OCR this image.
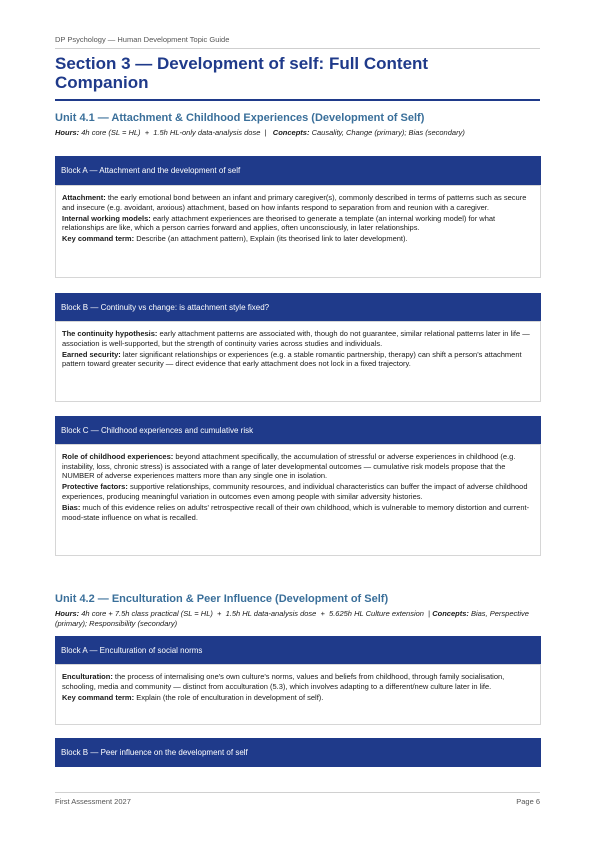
DP Psychology — Human Development Topic Guide
Section 3 — Development of self: Full Content Companion
Unit 4.1 — Attachment & Childhood Experiences (Development of Self)
Hours: 4h core (SL = HL)  +  1.5h HL-only data-analysis dose  |   Concepts: Causality, Change (primary); Bias (secondary)
Block A — Attachment and the development of self

Attachment: the early emotional bond between an infant and primary caregiver(s), commonly described in terms of patterns such as secure and insecure (e.g. avoidant, anxious) attachment, based on how infants respond to separation from and reunion with a caregiver.

Internal working models: early attachment experiences are theorised to generate a template (an internal working model) for what relationships are like, which a person carries forward and applies, often unconsciously, in later relationships.

Key command term: Describe (an attachment pattern), Explain (its theorised link to later development).

Block B — Continuity vs change: is attachment style fixed?

The continuity hypothesis: early attachment patterns are associated with, though do not guarantee, similar relational patterns later in life — association is well-supported, but the strength of continuity varies across studies and individuals.

Earned security: later significant relationships or experiences (e.g. a stable romantic partnership, therapy) can shift a person's attachment pattern toward greater security — direct evidence that early attachment does not lock in a fixed trajectory.

Block C — Childhood experiences and cumulative risk

Role of childhood experiences: beyond attachment specifically, the accumulation of stressful or adverse experiences in childhood (e.g. instability, loss, chronic stress) is associated with a range of later developmental outcomes — cumulative risk models propose that the NUMBER of adverse experiences matters more than any single one in isolation.

Protective factors: supportive relationships, community resources, and individual characteristics can buffer the impact of adverse childhood experiences, producing meaningful variation in outcomes even among people with similar adversity histories.

Bias: much of this evidence relies on adults' retrospective recall of their own childhood, which is vulnerable to memory distortion and current-mood-state influence on what is recalled.

Unit 4.2 — Enculturation & Peer Influence (Development of Self)
Hours: 4h core + 7.5h class practical (SL = HL)  +  1.5h HL data-analysis dose  +  5.625h HL Culture extension  | Concepts: Bias, Perspective (primary); Responsibility (secondary)
Block A — Enculturation of social norms

Enculturation: the process of internalising one's own culture's norms, values and beliefs from childhood, through family socialisation, schooling, media and community — distinct from acculturation (5.3), which involves adapting to a different/new culture later in life.

Key command term: Explain (the role of enculturation in development of self).

Block B — Peer influence on the development of self
First Assessment 2027	Page 6
